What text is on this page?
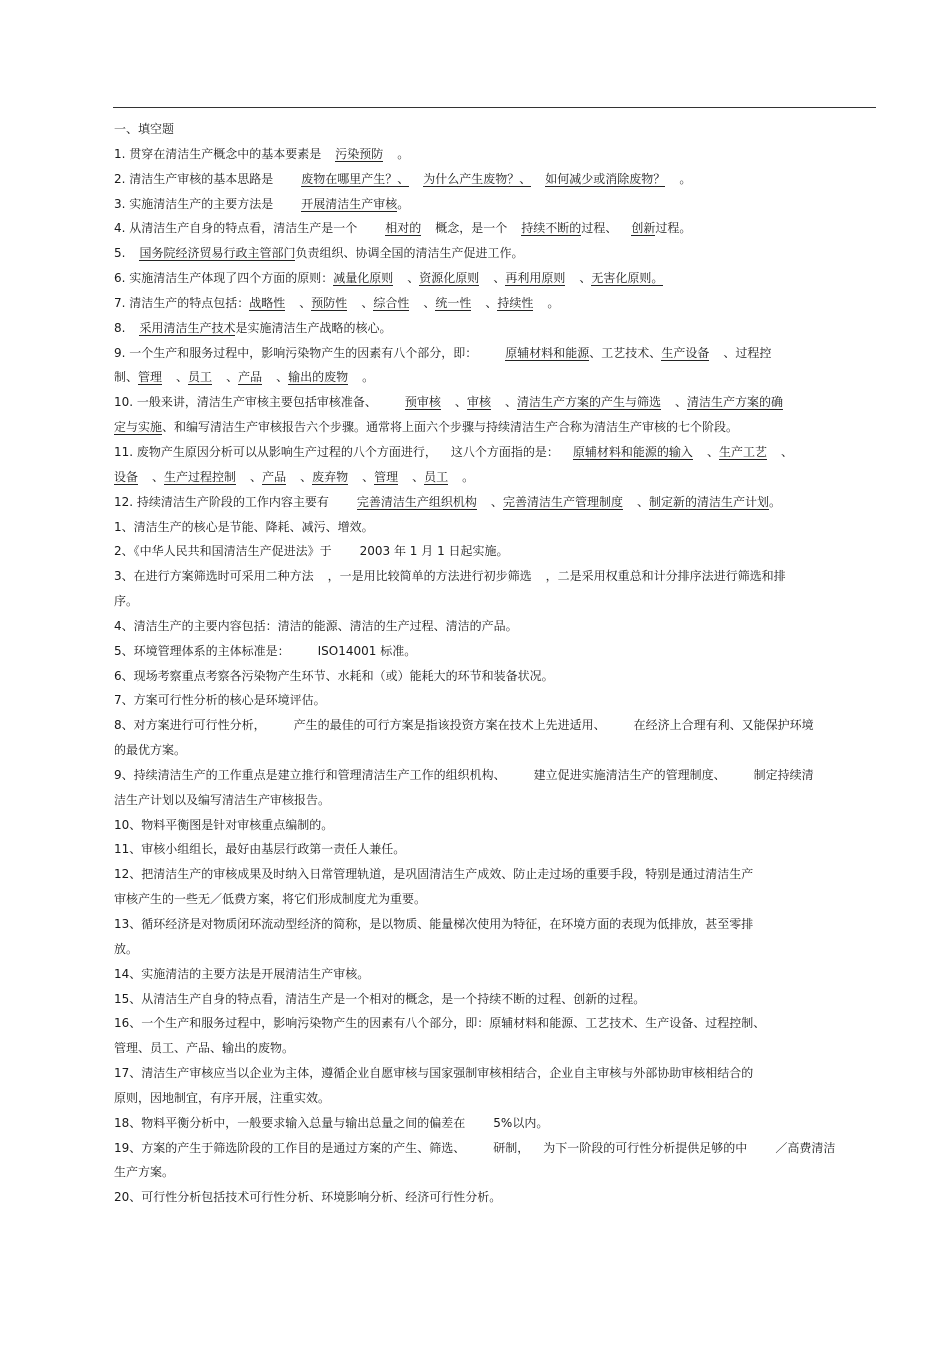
一、填空题
1. 贯穿在清洁生产概念中的基本要素是 污染预防 。
2. 清洁生产审核的基本思路是 废物在哪里产生？、 为什么产生废物？、 如何减少或消除废物？ 。
3. 实施清洁生产的主要方法是 开展清洁生产审核。
4. 从清洁生产自身的特点看，清洁生产是一个 相对的 概念，是一个 持续不断的过程、 创新过程。
5. 国务院经济贸易行政主管部门负责组织、协调全国的清洁生产促进工作。
6. 实施清洁生产体现了四个方面的原则：减量化原则 、资源化原则 、再利用原则 、无害化原则。
7. 清洁生产的特点包括：战略性 、预防性 、综合性 、统一性 、持续性 。
8. 采用清洁生产技术是实施清洁生产战略的核心。
9. 一个生产和服务过程中，影响污染物产生的因素有八个部分，即： 原辅材料和能源、工艺技术、生产设备 、过程控
制、管理 、员工 、产品 、输出的废物 。
10. 一般来讲，清洁生产审核主要包括审核准备、 预审核 、审核 、清洁生产方案的产生与筛选 、清洁生产方案的确
定与实施、和编写清洁生产审核报告六个步骤。通常将上面六个步骤与持续清洁生产合称为清洁生产审核的七个阶段。
11. 废物产生原因分析可以从影响生产过程的八个方面进行， 这八个方面指的是： 原辅材料和能源的输入 、生产工艺 、
设备 、生产过程控制 、产品 、废弃物 、管理 、员工 。
12. 持续清洁生产阶段的工作内容主要有 完善清洁生产组织机构 、完善清洁生产管理制度 、制定新的清洁生产计划。
1、清洁生产的核心是节能、降耗、减污、增效。
2、《中华人民共和国清洁生产促进法》于 2003 年 1 月 1 日起实施。
3、在进行方案筛选时可采用二种方法 ，一是用比较简单的方法进行初步筛选 ，二是采用权重总和计分排序法进行筛选和排
序。
4、清洁生产的主要内容包括：清洁的能源、清洁的生产过程、清洁的产品。
5、环境管理体系的主体标准是： ISO14001 标准。
6、现场考察重点考察各污染物产生环节、水耗和（或）能耗大的环节和装备状况。
7、方案可行性分析的核心是环境评估。
8、对方案进行可行性分析， 产生的最佳的可行方案是指该投资方案在技术上先进适用、 在经济上合理有利、又能保护环境
的最优方案。
9、持续清洁生产的工作重点是建立推行和管理清洁生产工作的组织机构、 建立促进实施清洁生产的管理制度、 制定持续清
洁生产计划以及编写清洁生产审核报告。
10、物料平衡图是针对审核重点编制的。
11、审核小组组长，最好由基层行政第一责任人兼任。
12、把清洁生产的审核成果及时纳入日常管理轨道，是巩固清洁生产成效、防止走过场的重要手段，特别是通过清洁生产
审核产生的一些无／低费方案，将它们形成制度尤为重要。
13、循环经济是对物质闭环流动型经济的简称，是以物质、能量梯次使用为特征，在环境方面的表现为低排放，甚至零排
放。
14、实施清洁的主要方法是开展清洁生产审核。
15、从清洁生产自身的特点看，清洁生产是一个相对的概念，是一个持续不断的过程、创新的过程。
16、一个生产和服务过程中，影响污染物产生的因素有八个部分，即：原辅材料和能源、工艺技术、生产设备、过程控制、
管理、员工、产品、输出的废物。
17、清洁生产审核应当以企业为主体，遵循企业自愿审核与国家强制审核相结合，企业自主审核与外部协助审核相结合的
原则，因地制宜，有序开展，注重实效。
18、物料平衡分析中，一般要求输入总量与输出总量之间的偏差在 5%以内。
19、方案的产生于筛选阶段的工作目的是通过方案的产生、筛选、 研制， 为下一阶段的可行性分析提供足够的中 ／高费清洁
生产方案。
20、可行性分析包括技术可行性分析、环境影响分析、经济可行性分析。
